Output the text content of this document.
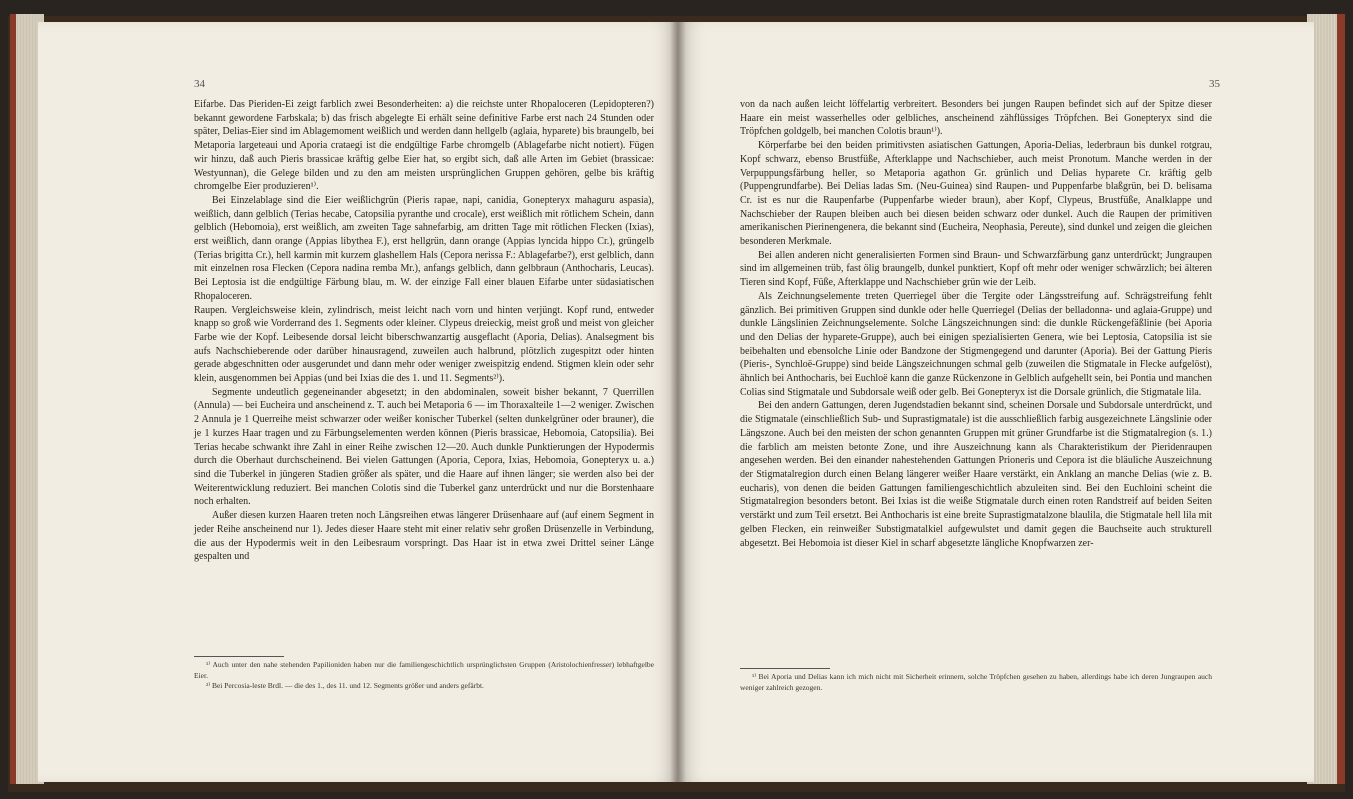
34

Eifarbe. Das Pieriden-Ei zeigt farblich zwei Besonderheiten: a) die reichste unter Rhopaloceren (Lepidopteren?) bekannt gewordene Farbskala; b) das frisch abgelegte Ei erhält seine definitive Farbe erst nach 24 Stunden oder später, Delias-Eier sind im Ablagemoment weißlich und werden dann hellgelb (aglaia, hyparete) bis braungelb, bei Metaporia largeteaui und Aporia crataegi ist die endgültige Farbe chromgelb (Ablagefarbe nicht notiert). Fügen wir hinzu, daß auch Pieris brassicae kräftig gelbe Eier hat, so ergibt sich, daß alle Arten im Gebiet (brassicae: Westyunnan), die Gelege bilden und zu den am meisten ursprünglichen Gruppen gehören, gelbe bis kräftig chromgelbe Eier produzieren¹⁾.

Bei Einzelablage sind die Eier weißlichgrün (Pieris rapae, napi, canidia, Gonepteryx mahaguru aspasia), weißlich, dann gelblich (Terias hecabe, Catopsilia pyranthe und crocale), erst weißlich mit rötlichem Schein, dann gelblich (Hebomoia), erst weißlich, am zweiten Tage sahnefarbig, am dritten Tage mit rötlichen Flecken (Ixias), erst weißlich, dann orange (Appias libythea F.), erst hellgrün, dann orange (Appias lyncida hippo Cr.), grüngelb (Terias brigitta Cr.), hell karmin mit kurzem glashellem Hals (Cepora nerissa F.: Ablagefarbe?), erst gelblich, dann mit einzelnen rosa Flecken (Cepora nadina remba Mr.), anfangs gelblich, dann gelbbraun (Anthocharis, Leucas). Bei Leptosia ist die endgültige Färbung blau, m. W. der einzige Fall einer blauen Eifarbe unter südasiatischen Rhopaloceren.

Raupen. Vergleichsweise klein, zylindrisch, meist leicht nach vorn und hinten verjüngt. Kopf rund, entweder knapp so groß wie Vorderrand des 1. Segments oder kleiner. Clypeus dreieckig, meist groß und meist von gleicher Farbe wie der Kopf. Leibesende dorsal leicht biberschwanzartig ausgeflacht (Aporia, Delias). Analsegment bis aufs Nachschieberende oder darüber hinausragend, zuweilen auch halbrund, plötzlich zugespitzt oder hinten gerade abgeschnitten oder ausgerundet und dann mehr oder weniger zweispitzig endend. Stigmen klein oder sehr klein, ausgenommen bei Appias (und bei Ixias die des 1. und 11. Segments²⁾).

Segmente undeutlich gegeneinander abgesetzt; in den abdominalen, soweit bisher bekannt, 7 Querrillen (Annula) — bei Eucheira und anscheinend z. T. auch bei Metaporia 6 — im Thoraxalteile 1—2 weniger. Zwischen 2 Annula je 1 Querreihe meist schwarzer oder weißer konischer Tuberkel (selten dunkelgrüner oder brauner), die je 1 kurzes Haar tragen und zu Färbungselementen werden können (Pieris brassicae, Hebomoia, Catopsilia). Bei Terias hecabe schwankt ihre Zahl in einer Reihe zwischen 12—20. Auch dunkle Punktierungen der Hypodermis durch die Oberhaut durchscheinend. Bei vielen Gattungen (Aporia, Cepora, Ixias, Hebomoia, Gonepteryx u. a.) sind die Tuberkel in jüngeren Stadien größer als später, und die Haare auf ihnen länger; sie werden also bei der Weiterentwicklung reduziert. Bei manchen Colotis sind die Tuberkel ganz unterdrückt und nur die Borstenhaare noch erhalten.

Außer diesen kurzen Haaren treten noch Längsreihen etwas längerer Drüsenhaare auf (auf einem Segment in jeder Reihe anscheinend nur 1). Jedes dieser Haare steht mit einer relativ sehr großen Drüsenzelle in Verbindung, die aus der Hypodermis weit in den Leibesraum vorspringt. Das Haar ist in etwa zwei Drittel seiner Länge gespalten und

¹⁾ Auch unter den nahe stehenden Papilioniden haben nur die familiengeschichtlich ursprünglichsten Gruppen (Aristolochienfresser) lebhaftgelbe Eier.

²⁾ Bei Percosia-leste Brdl. — die des 1., des 11. und 12. Segments größer und anders gefärbt.

35

von da nach außen leicht löffelartig verbreitert. Besonders bei jungen Raupen befindet sich auf der Spitze dieser Haare ein meist wasserhelles oder gelbliches, anscheinend zähflüssiges Tröpfchen. Bei Gonepteryx sind die Tröpfchen goldgelb, bei manchen Colotis braun¹⁾).

Körperfarbe bei den beiden primitivsten asiatischen Gattungen, Aporia-Delias, lederbraun bis dunkel rotgrau, Kopf schwarz, ebenso Brustfüße, Afterklappe und Nachschieber, auch meist Pronotum. Manche werden in der Verpuppungsfärbung heller, so Metaporia agathon Gr. grünlich und Delias hyparete Cr. kräftig gelb (Puppengrundfarbe). Bei Delias ladas Sm. (Neu-Guinea) sind Raupen- und Puppenfarbe blaßgrün, bei D. belisama Cr. ist es nur die Raupenfarbe (Puppenfarbe wieder braun), aber Kopf, Clypeus, Brustfüße, Analklappe und Nachschieber der Raupen bleiben auch bei diesen beiden schwarz oder dunkel. Auch die Raupen der primitiven amerikanischen Pierinengenera, die bekannt sind (Eucheira, Neophasia, Pereute), sind dunkel und zeigen die gleichen besonderen Merkmale.

Bei allen anderen nicht generalisierten Formen sind Braun- und Schwarzfärbung ganz unterdrückt; Jungraupen sind im allgemeinen trüb, fast ölig braungelb, dunkel punktiert, Kopf oft mehr oder weniger schwärzlich; bei älteren Tieren sind Kopf, Füße, Afterklappe und Nachschieber grün wie der Leib.

Als Zeichnungselemente treten Querriegel über die Tergite oder Längsstreifung auf. Schrägstreifung fehlt gänzlich. Bei primitiven Gruppen sind dunkle oder helle Querriegel (Delias der belladonna- und aglaia-Gruppe) und dunkle Längslinien Zeichnungselemente. Solche Längszeichnungen sind: die dunkle Rückengefäßlinie (bei Aporia und den Delias der hyparete-Gruppe), auch bei einigen spezialisierten Genera, wie bei Leptosia, Catopsilia ist sie beibehalten und ebensolche Linie oder Bandzone der Stigmengegend und darunter (Aporia). Bei der Gattung Pieris (Pieris-, Synchloë-Gruppe) sind beide Längszeichnungen schmal gelb (zuweilen die Stigmatale in Flecke aufgelöst), ähnlich bei Anthocharis, bei Euchloë kann die ganze Rückenzone in Gelblich aufgehellt sein, bei Pontia und manchen Colias sind Stigmatale und Subdorsale weiß oder gelb. Bei Gonepteryx ist die Dorsale grünlich, die Stigmatale lila.

Bei den andern Gattungen, deren Jugendstadien bekannt sind, scheinen Dorsale und Subdorsale unterdrückt, und die Stigmatale (einschließlich Sub- und Suprastigmatale) ist die ausschließlich farbig ausgezeichnete Längslinie oder Längszone. Auch bei den meisten der schon genannten Gruppen mit grüner Grundfarbe ist die Stigmatalregion (s. 1.) die farblich am meisten betonte Zone, und ihre Auszeichnung kann als Charakteristikum der Pieridenraupen angesehen werden. Bei den einander nahestehenden Gattungen Prioneris und Cepora ist die bläuliche Auszeichnung der Stigmatalregion durch einen Belang längerer weißer Haare verstärkt, ein Anklang an manche Delias (wie z. B. eucharis), von denen die beiden Gattungen familiengeschichtlich abzuleiten sind. Bei den Euchloini scheint die Stigmatalregion besonders betont. Bei Ixias ist die weiße Stigmatale durch einen roten Randstreif auf beiden Seiten verstärkt und zum Teil ersetzt. Bei Anthocharis ist eine breite Suprastigmatalzone blaulila, die Stigmatale hell lila mit gelben Flecken, ein reinweißer Substigmatalkiel aufgewulstet und damit gegen die Bauchseite auch strukturell abgesetzt. Bei Hebomoia ist dieser Kiel in scharf abgesetzte längliche Knopfwarzen zer-

¹⁾ Bei Aporia und Delias kann ich mich nicht mit Sicherheit erinnern, solche Tröpfchen gesehen zu haben, allerdings habe ich deren Jungraupen auch weniger zahlreich gezogen.
